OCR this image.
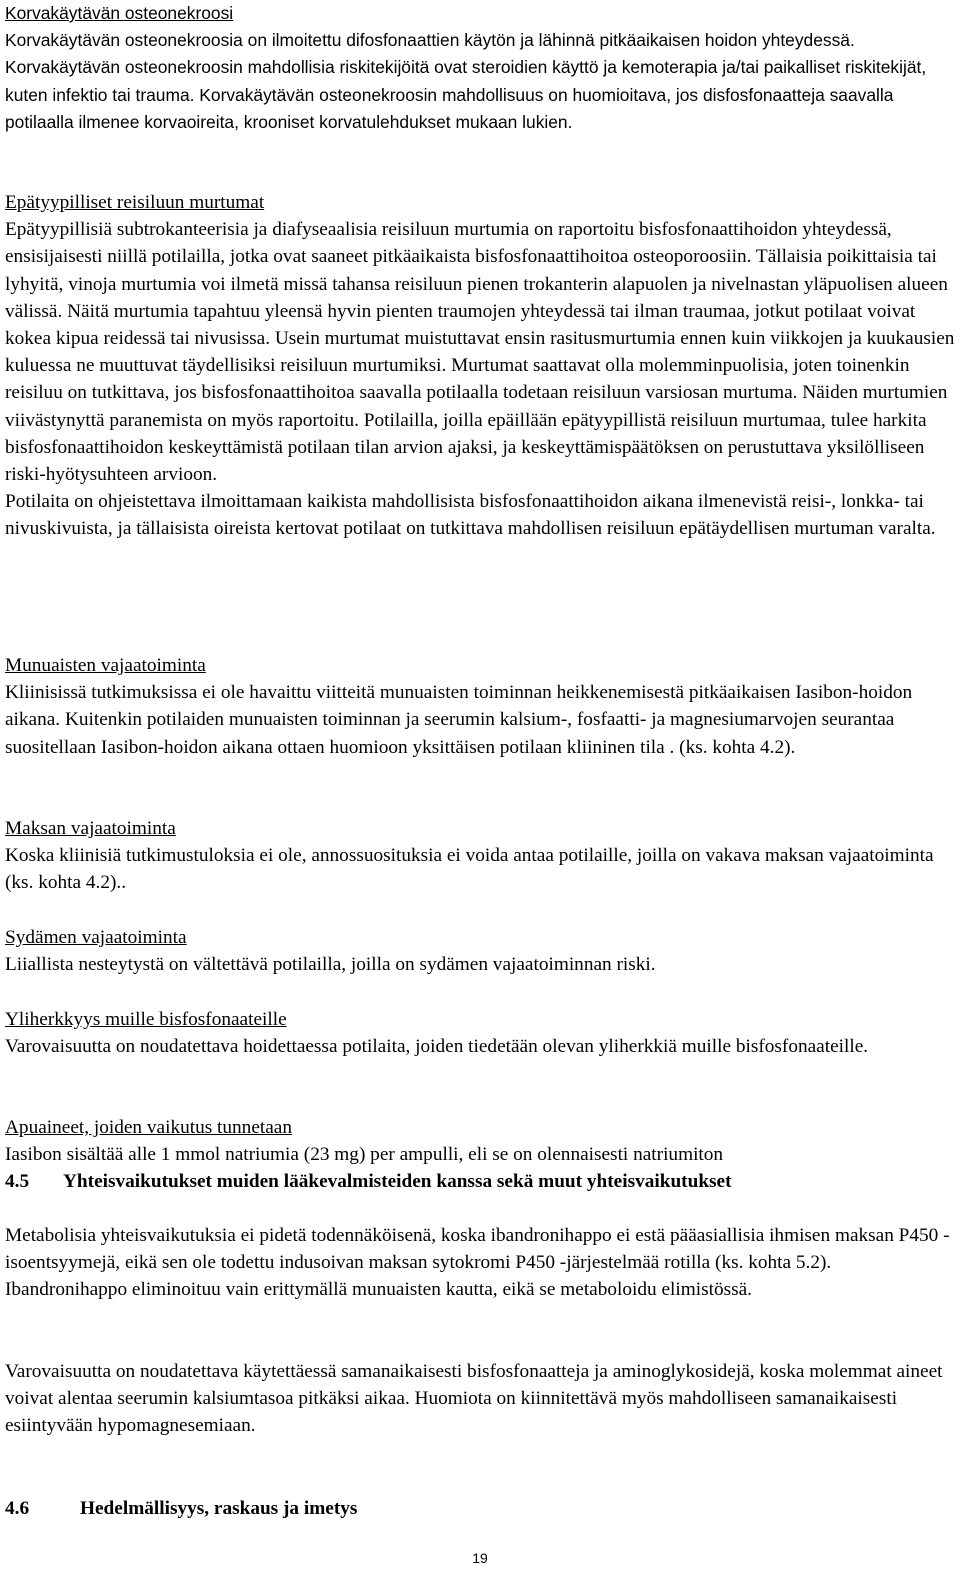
Korvakäytävän osteonekroosi

Korvakäytävän osteonekroosia on ilmoitettu difosfonaattien käytön ja lähinnä pitkäaikaisen hoidon yhteydessä. Korvakäytävän osteonekroosin mahdollisia riskitekijöitä ovat steroidien käyttö ja kemoterapia ja/tai paikalliset riskitekijät, kuten infektio tai trauma. Korvakäytävän osteonekroosin mahdollisuus on huomioitava, jos disfosfonaatteja saavalla potilaalla ilmenee korvaoireita, krooniset korvatulehdukset mukaan lukien.

Epätyypilliset reisiluun murtumat

Epätyypillisiä subtrokanteerisia ja diafyseaalisia reisiluun murtumia on raportoitu bisfosfonaattihoidon yhteydessä, ensisijaisesti niillä potilailla, jotka ovat saaneet pitkäaikaista bisfosfonaattihoitoa osteoporoosiin. Tällaisia poikittaisia tai lyhyitä, vinoja murtumia voi ilmetä missä tahansa reisiluun pienen trokanterin alapuolen ja nivelnastan yläpuolisen alueen välissä. Näitä murtumia tapahtuu yleensä hyvin pienten traumojen yhteydessä tai ilman traumaa, jotkut potilaat voivat kokea kipua reidessä tai nivusissa. Usein murtumat muistuttavat ensin rasitusmurtumia ennen kuin viikkojen ja kuukausien kuluessa ne muuttuvat täydellisiksi reisiluun murtumiksi. Murtumat saattavat olla molemminpuolisia, joten toinenkin reisiluu on tutkittava, jos bisfosfonaattihoitoa saavalla potilaalla todetaan reisiluun varsiosan murtuma. Näiden murtumien viivästynyttä paranemista on myös raportoitu. Potilailla, joilla epäillään epätyypillistä reisiluun murtumaa, tulee harkita bisfosfonaattihoidon keskeyttämistä potilaan tilan arvion ajaksi, ja keskeyttämispäätöksen on perustuttava yksilölliseen riski-hyötysuhteen arvioon.

Potilaita on ohjeistettava ilmoittamaan kaikista mahdollisista bisfosfonaattihoidon aikana ilmenevistä reisi-, lonkka- tai nivuskivuista, ja tällaisista oireista kertovat potilaat on tutkittava mahdollisen reisiluun epätäydellisen murtuman varalta.

Munuaisten vajaatoiminta

Kliinisissä tutkimuksissa ei ole havaittu viitteitä munuaisten toiminnan heikkenemisestä pitkäaikaisen Iasibon-hoidon aikana. Kuitenkin potilaiden munuaisten toiminnan ja seerumin kalsium-, fosfaatti- ja magnesiumarvojen seurantaa suositellaan Iasibon-hoidon aikana ottaen huomioon yksittäisen potilaan kliininen tila . (ks. kohta 4.2).

Maksan vajaatoiminta

Koska kliinisiä tutkimustuloksia ei ole, annossuosituksia ei voida antaa potilaille, joilla on vakava maksan vajaatoiminta (ks. kohta 4.2)..

Sydämen vajaatoiminta

Liiallista nesteytystä on vältettävä potilailla, joilla on sydämen vajaatoiminnan riski.

Yliherkkyys muille bisfosfonaateille

Varovaisuutta on noudatettava hoidettaessa potilaita, joiden tiedetään olevan yliherkkiä muille bisfosfonaateille.

Apuaineet, joiden vaikutus tunnetaan

Iasibon sisältää alle 1 mmol natriumia (23 mg) per ampulli, eli se on olennaisesti natriumiton

4.5 Yhteisvaikutukset muiden lääkevalmisteiden kanssa sekä muut yhteisvaikutukset

Metabolisia yhteisvaikutuksia ei pidetä todennäköisenä, koska ibandronihappo ei estä pääasiallisia ihmisen maksan P450 -isoentsyymejä, eikä sen ole todettu indusoivan maksan sytokromi P450 -järjestelmää rotilla (ks. kohta 5.2). Ibandronihappo eliminoituu vain erittymällä munuaisten kautta, eikä se metaboloidu elimistössä.

Varovaisuutta on noudatettava käytettäessä samanaikaisesti bisfosfonaatteja ja aminoglykosidejä, koska molemmat aineet voivat alentaa seerumin kalsiumtasoa pitkäksi aikaa. Huomiota on kiinnitettävä myös mahdolliseen samanaikaisesti esiintyvään hypomagnesemiaan.

4.6	Hedelmällisyys, raskaus ja imetys

19
